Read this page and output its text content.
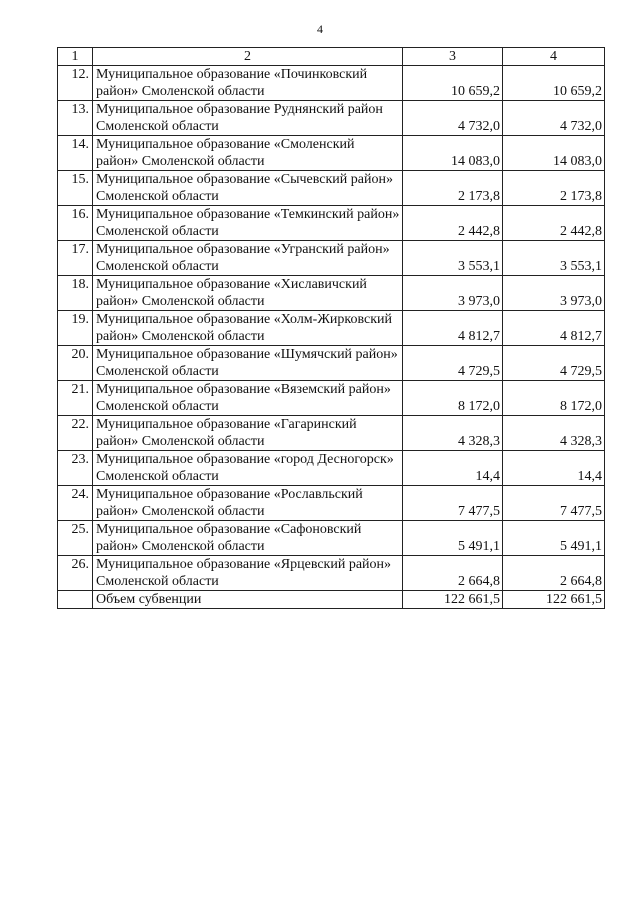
4
1	2	3	4
12.	Муниципальное образование «Починковский район» Смоленской области	10 659,2	10 659,2
13.	Муниципальное образование Руднянский район Смоленской области	4 732,0	4 732,0
14.	Муниципальное образование «Смоленский район» Смоленской области	14 083,0	14 083,0
15.	Муниципальное образование «Сычевский район» Смоленской области	2 173,8	2 173,8
16.	Муниципальное образование «Темкинский район» Смоленской области	2 442,8	2 442,8
17.	Муниципальное образование «Угранский район» Смоленской области	3 553,1	3 553,1
18.	Муниципальное образование «Хиславичский район» Смоленской области	3 973,0	3 973,0
19.	Муниципальное образование «Холм-Жирковский район» Смоленской области	4 812,7	4 812,7
20.	Муниципальное образование «Шумячский район» Смоленской области	4 729,5	4 729,5
21.	Муниципальное образование «Вяземский район» Смоленской области	8 172,0	8 172,0
22.	Муниципальное образование «Гагаринский район» Смоленской области	4 328,3	4 328,3
23.	Муниципальное образование «город Десногорск» Смоленской области	14,4	14,4
24.	Муниципальное образование «Рославльский район» Смоленской области	7 477,5	7 477,5
25.	Муниципальное образование «Сафоновский район» Смоленской области	5 491,1	5 491,1
26.	Муниципальное образование «Ярцевский район» Смоленской области	2 664,8	2 664,8
	Объем субвенции	122 661,5	122 661,5
